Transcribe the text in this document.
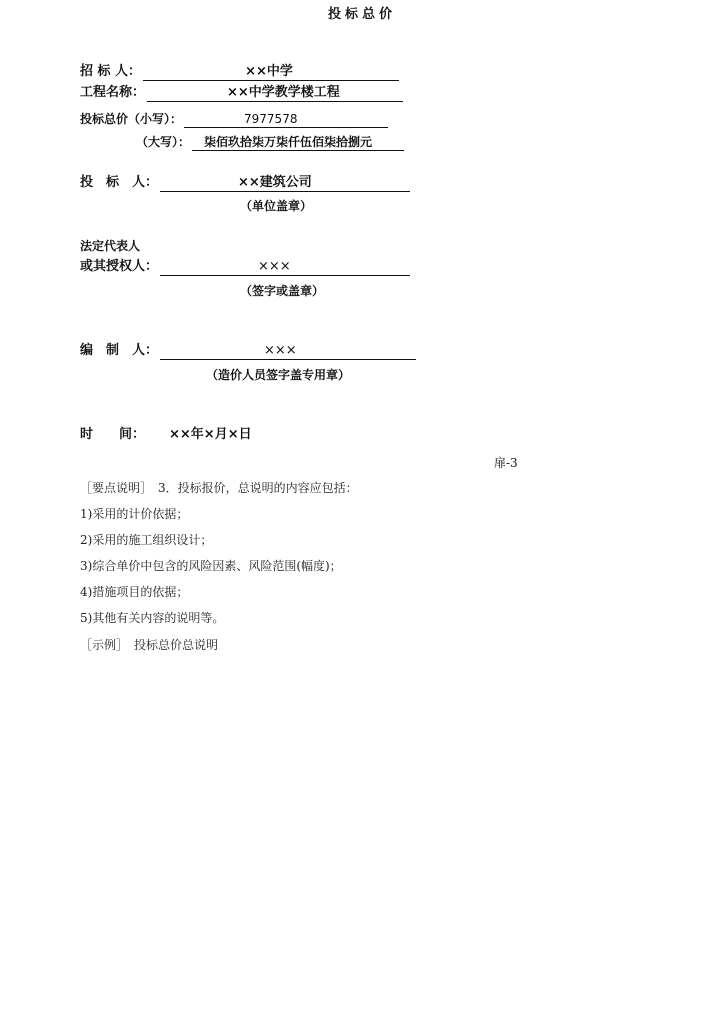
投标总价
招 标 人：	××中学
工程名称：	××中学教学楼工程
投标总价（小写）：	7977578
（大写）： 柒佰玖拾柒万柒仟伍佰柒拾捌元
投　标　人：	××建筑公司
（单位盖章）
法定代表人
或其授权人：	×××
（签字或盖章）
编　制　人：	×××
（造价人员签字盖专用章）
时　　间： ××年×月×日
扉-3
［要点说明］　3．投标报价，总说明的内容应包括：
1)采用的计价依据；
2)采用的施工组织设计；
3)综合单价中包含的风险因素、风险范围(幅度)；
4)措施项目的依据；
5)其他有关内容的说明等。
［示例］　投标总价总说明
